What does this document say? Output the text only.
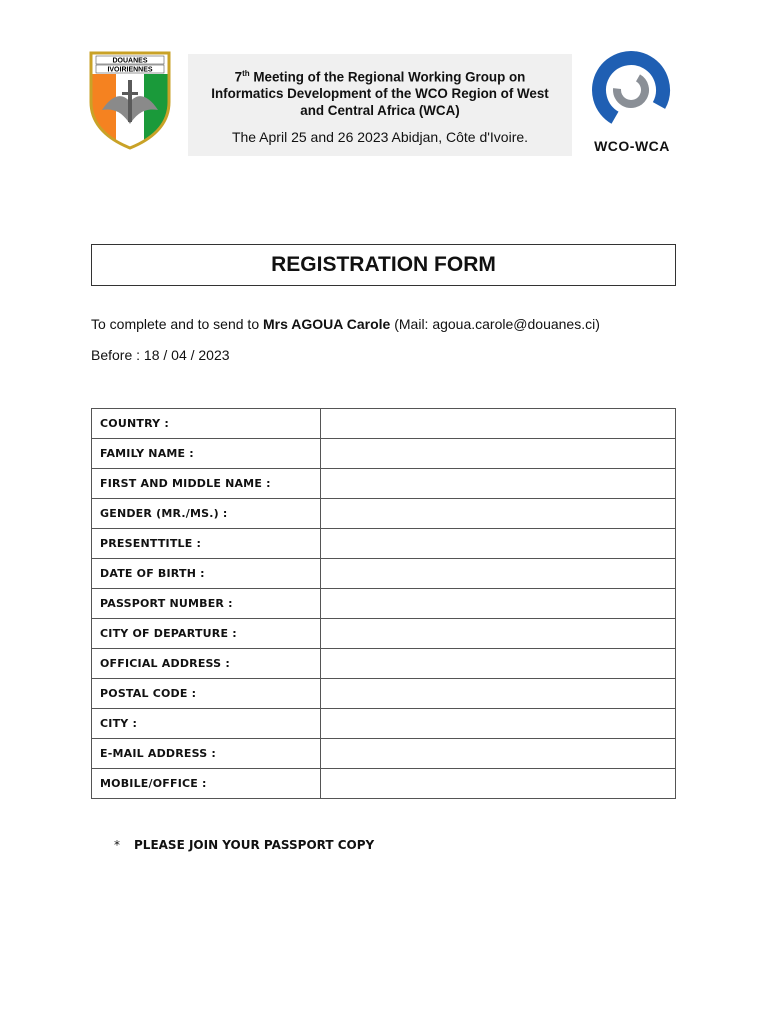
DOUANES
IVOIRIENNES	7th Meeting of the Regional Working Group on
Informatics Development of the WCO Region of West
and Central Africa (WCA)
The April 25 and 26 2023 Abidjan, Côte d'Ivoire.
WCO-WCA
REGISTRATION FORM
To complete and to send to Mrs AGOUA Carole (Mail: agoua.carole@douanes.ci)
Before : 18 / 04 / 2023
COUNTRY :	
FAMILY NAME :	
FIRST AND MIDDLE NAME :	
GENDER (MR./MS.) :	
PRESENTTITLE :	
DATE OF BIRTH :	
PASSPORT NUMBER :	
CITY OF DEPARTURE :	
OFFICIAL ADDRESS :	
POSTAL CODE :	
CITY :	
E-MAIL ADDRESS :	
MOBILE/OFFICE :	
* PLEASE JOIN YOUR PASSPORT COPY
